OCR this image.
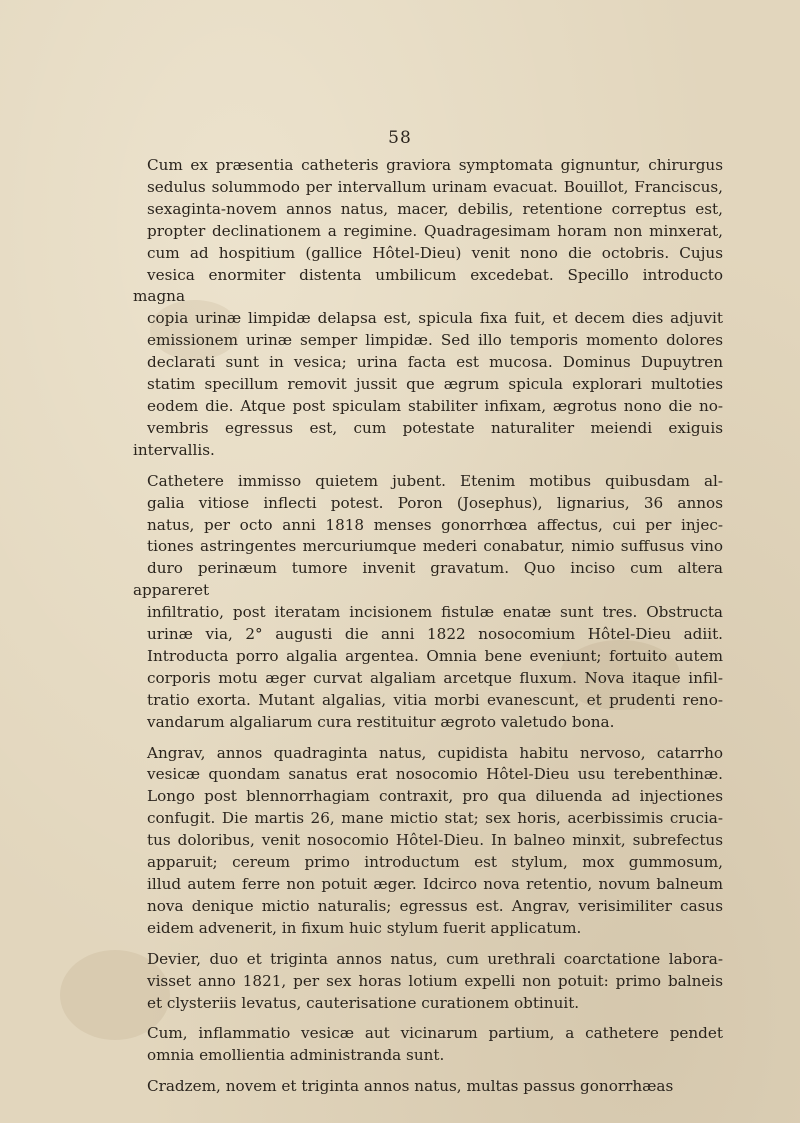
58
Cum ex præsentia catheteris graviora symptomata gignuntur, chirurgus
sedulus solummodo per intervallum urinam evacuat. Bouillot, Franciscus,
sexaginta-novem annos natus, macer, debilis, retentione correptus est,
propter declinationem a regimine. Quadragesimam horam non minxerat,
cum ad hospitium (gallice Hôtel-Dieu) venit nono die octobris. Cujus
vesica enormiter distenta umbilicum excedebat. Specillo introducto magna
copia urinæ limpidæ delapsa est, spicula fixa fuit, et decem dies adjuvit
emissionem urinæ semper limpidæ. Sed illo temporis momento dolores
declarati sunt in vesica; urina facta est mucosa. Dominus Dupuytren
statim specillum removit jussit que ægrum spicula explorari multoties
eodem die. Atque post spiculam stabiliter infixam, ægrotus nono die no-
vembris egressus est, cum potestate naturaliter meiendi exiguis intervallis.
Cathetere immisso quietem jubent. Etenim motibus quibusdam al-
galia vitiose inflecti potest. Poron (Josephus), lignarius, 36 annos
natus, per octo anni 1818 menses gonorrhœa affectus, cui per injec-
tiones astringentes mercuriumque mederi conabatur, nimio suffusus vino
duro perinæum tumore invenit gravatum. Quo inciso cum altera appareret
infiltratio, post iteratam incisionem fistulæ enatæ sunt tres. Obstructa
urinæ via, 2° augusti die anni 1822 nosocomium Hôtel-Dieu adiit.
Introducta porro algalia argentea. Omnia bene eveniunt; fortuito autem
corporis motu æger curvat algaliam arcetque fluxum. Nova itaque infil-
tratio exorta. Mutant algalias, vitia morbi evanescunt, et prudenti reno-
vandarum algaliarum cura restituitur ægroto valetudo bona.
Angrav, annos quadraginta natus, cupidista habitu nervoso, catarrho
vesicæ quondam sanatus erat nosocomio Hôtel-Dieu usu terebenthinæ.
Longo post blennorrhagiam contraxit, pro qua diluenda ad injectiones
confugit. Die martis 26, mane mictio stat; sex horis, acerbissimis crucia-
tus doloribus, venit nosocomio Hôtel-Dieu. In balneo minxit, subrefectus
apparuit; cereum primo introductum est stylum, mox gummosum,
illud autem ferre non potuit æger. Idcirco nova retentio, novum balneum
nova denique mictio naturalis; egressus est. Angrav, verisimiliter casus
eidem advenerit, in fixum huic stylum fuerit applicatum.
Devier, duo et triginta annos natus, cum urethrali coarctatione labora-
visset anno 1821, per sex horas lotium expelli non potuit: primo balneis
et clysteriis levatus, cauterisatione curationem obtinuit.
Cum, inflammatio vesicæ aut vicinarum partium, a cathetere pendet
omnia emollientia administranda sunt.
Cradzem, novem et triginta annos natus, multas passus gonorrhæas
